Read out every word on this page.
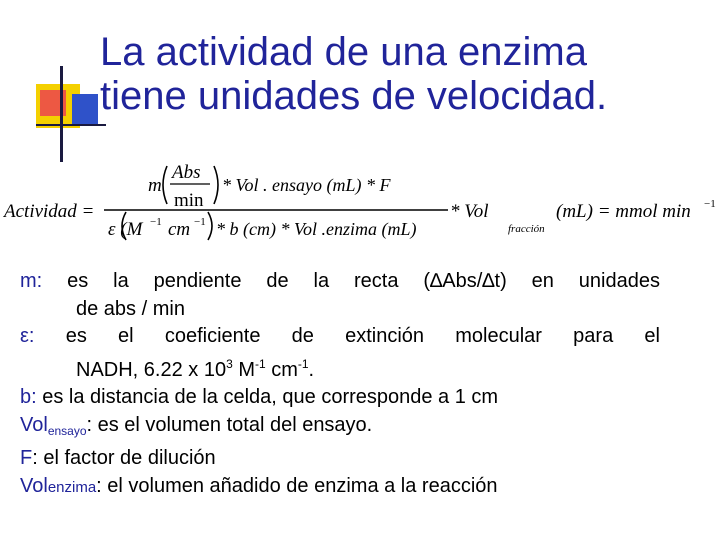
La actividad de una enzima
tiene unidades de velocidad.
Actividad =
m
Abs
min
* Vol . ensayo (mL) * F
ε (M −1 cm −1 * b (cm) * Vol .enzima (mL)
* Vol
fracción
(mL) = mmol min −1
m: es la pendiente de la recta (∆Abs/∆t) en unidades
de abs / min
ε: es el coeficiente de extinción molecular para el
NADH, 6.22 x $10^3$ $M^{-1}$ $cm^{-1}$.
b: es la distancia de la celda, que corresponde a 1 cm
Vol$_{ensayo}$: es el volumen total del ensayo.
F: el factor de dilución
Volenzima: el volumen añadido de enzima a la reacción
